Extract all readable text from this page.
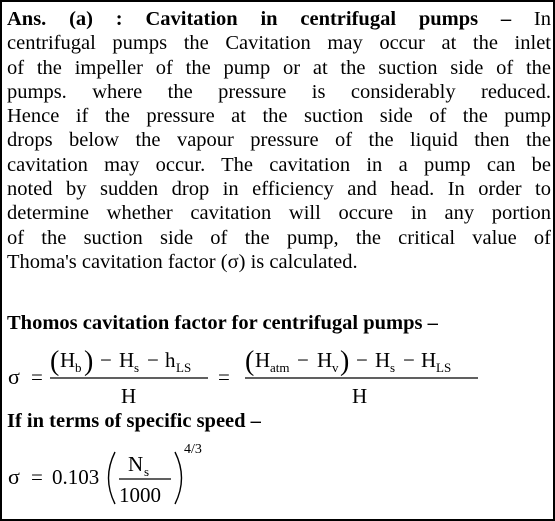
Ans. (a) : Cavitation in centrifugal pumps – In
centrifugal pumps the Cavitation may occur at the inlet
of the impeller of the pump or at the suction side of the
pumps. where the pressure is considerably reduced.
Hence if the pressure at the suction side of the pump
drops below the vapour pressure of the liquid then the
cavitation may occur. The cavitation in a pump can be
noted by sudden drop in efficiency and head. In order to
determine whether cavitation will occure in any portion
of the suction side of the pump, the critical value of
Thoma's cavitation factor (σ) is calculated.
Thomos cavitation factor for centrifugal pumps –
σ = ( H b ) − H s − h LS
H
= ( H atm − H v ) − H s − H LS
H
If in terms of specific speed –
σ = 0.103
N s
1000
4/3
